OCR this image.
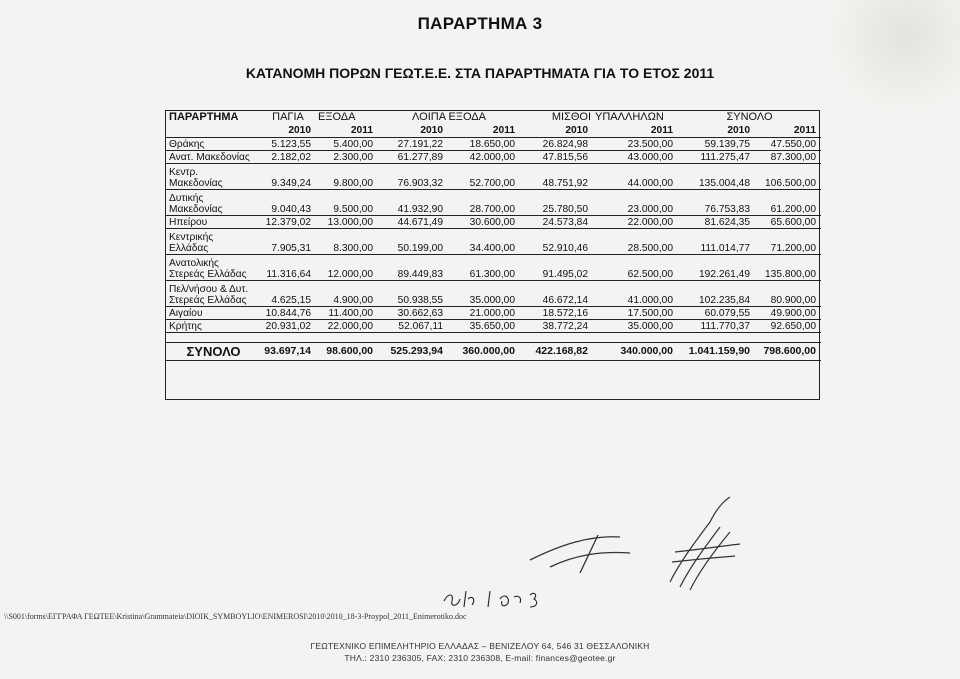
ΠΑΡΑΡΤΗΜΑ 3
ΚΑΤΑΝΟΜΗ ΠΟΡΩΝ ΓΕΩΤ.Ε.Ε. ΣΤΑ ΠΑΡΑΡΤΗΜΑΤΑ ΓΙΑ ΤΟ ΕΤΟΣ 2011
ΠΑΡΑΡΤΗΜΑ	ΠΑΓΙΑ	ΕΞΟΔΑ	ΛΟΙΠΑ ΕΞΟΔΑ		ΜΙΣΘΟΙ	ΥΠΑΛΛΗΛΩΝ	ΣΥΝΟΛΟ	
	2010	2011	2010	2011	2010	2011	2010	2011

Θράκης	5.123,55	5.400,00	27.191,22	18.650,00	26.824,98	23.500,00	59.139,75	47.550,00

Ανατ. Μακεδονίας	2.182,02	2.300,00	61.277,89	42.000,00	47.815,56	43.000,00	111.275,47	87.300,00

Κεντρ.
Μακεδονίας	9.349,24	9.800,00	76.903,32	52.700,00	48.751,92	44.000,00	135.004,48	106.500,00

Δυτικής
Μακεδονίας	9.040,43	9.500,00	41.932,90	28.700,00	25.780,50	23.000,00	76.753,83	61.200,00

Ηπείρου	12.379,02	13.000,00	44.671,49	30.600,00	24.573,84	22.000,00	81.624,35	65.600,00

Κεντρικής
Ελλάδας	7.905,31	8.300,00	50.199,00	34.400,00	52.910,46	28.500,00	111.014,77	71.200,00

Ανατολικής
Στερεάς Ελλάδας	11.316,64	12.000,00	89.449,83	61.300,00	91.495,02	62.500,00	192.261,49	135.800,00

Πελ/νήσου & Δυτ.
Στερεάς Ελλάδας	4.625,15	4.900,00	50.938,55	35.000,00	46.672,14	41.000,00	102.235,84	80.900,00

Αιγαίου	10.844,76	11.400,00	30.662,63	21.000,00	18.572,16	17.500,00	60.079,55	49.900,00

Κρήτης	20.931,02	22.000,00	52.067,11	35.650,00	38.772,24	35.000,00	111.770,37	92.650,00

ΣΥΝΟΛΟ	93.697,14	98.600,00	525.293,94	360.000,00	422.168,82	340.000,00	1.041.159,90	798.600,00
\\S001\forms\ΕΓΓΡΑΦΑ ΓΕΩΤΕΕ\Kristina\Grammateia\DIOIK_SYMBOYLIO\ENIMEROSI\2010\2010_18-3-Proypol_2011_Enimerotiko.doc
ΓΕΩΤΕΧΝΙΚΟ ΕΠΙΜΕΛΗΤΗΡΙΟ ΕΛΛΑΔΑΣ – ΒΕΝΙΖΕΛΟΥ 64, 546 31 ΘΕΣΣΑΛΟΝΙΚΗ
ΤΗΛ.: 2310 236305, FAX: 2310 236308, E-mail: finances@geotee.gr
